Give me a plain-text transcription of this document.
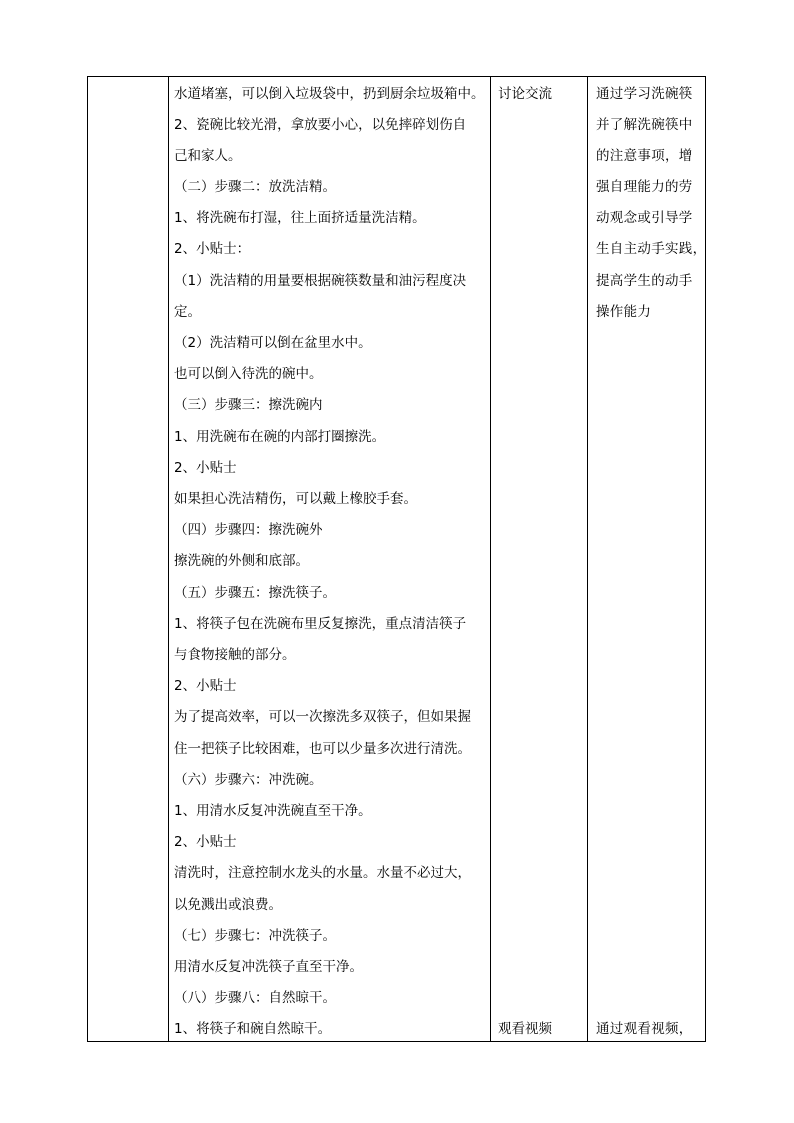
水道堵塞，可以倒入垃圾袋中，扔到厨余垃圾箱中。
2、瓷碗比较光滑，拿放要小心，以免摔碎划伤自
己和家人。
（二）步骤二：放洗洁精。
1、将洗碗布打湿，往上面挤适量洗洁精。
2、小贴士：
（1）洗洁精的用量要根据碗筷数量和油污程度决
定。
（2）洗洁精可以倒在盆里水中。
也可以倒入待洗的碗中。
（三）步骤三：擦洗碗内
1、用洗碗布在碗的内部打圈擦洗。
2、小贴士
如果担心洗洁精伤，可以戴上橡胶手套。
（四）步骤四：擦洗碗外
擦洗碗的外侧和底部。
（五）步骤五：擦洗筷子。
1、将筷子包在洗碗布里反复擦洗，重点清洁筷子
与食物接触的部分。
2、小贴士
为了提高效率，可以一次擦洗多双筷子，但如果握
住一把筷子比较困难，也可以少量多次进行清洗。
（六）步骤六：冲洗碗。
1、用清水反复冲洗碗直至干净。
2、小贴士
清洗时，注意控制水龙头的水量。水量不必过大，
以免溅出或浪费。
（七）步骤七：冲洗筷子。
用清水反复冲洗筷子直至干净。
（八）步骤八：自然晾干。
1、将筷子和碗自然晾干。
讨论交流
观看视频
通过学习洗碗筷
并了解洗碗筷中
的注意事项，增
强自理能力的劳
动观念或引导学
生自主动手实践，
提高学生的动手
操作能力
通过观看视频，
